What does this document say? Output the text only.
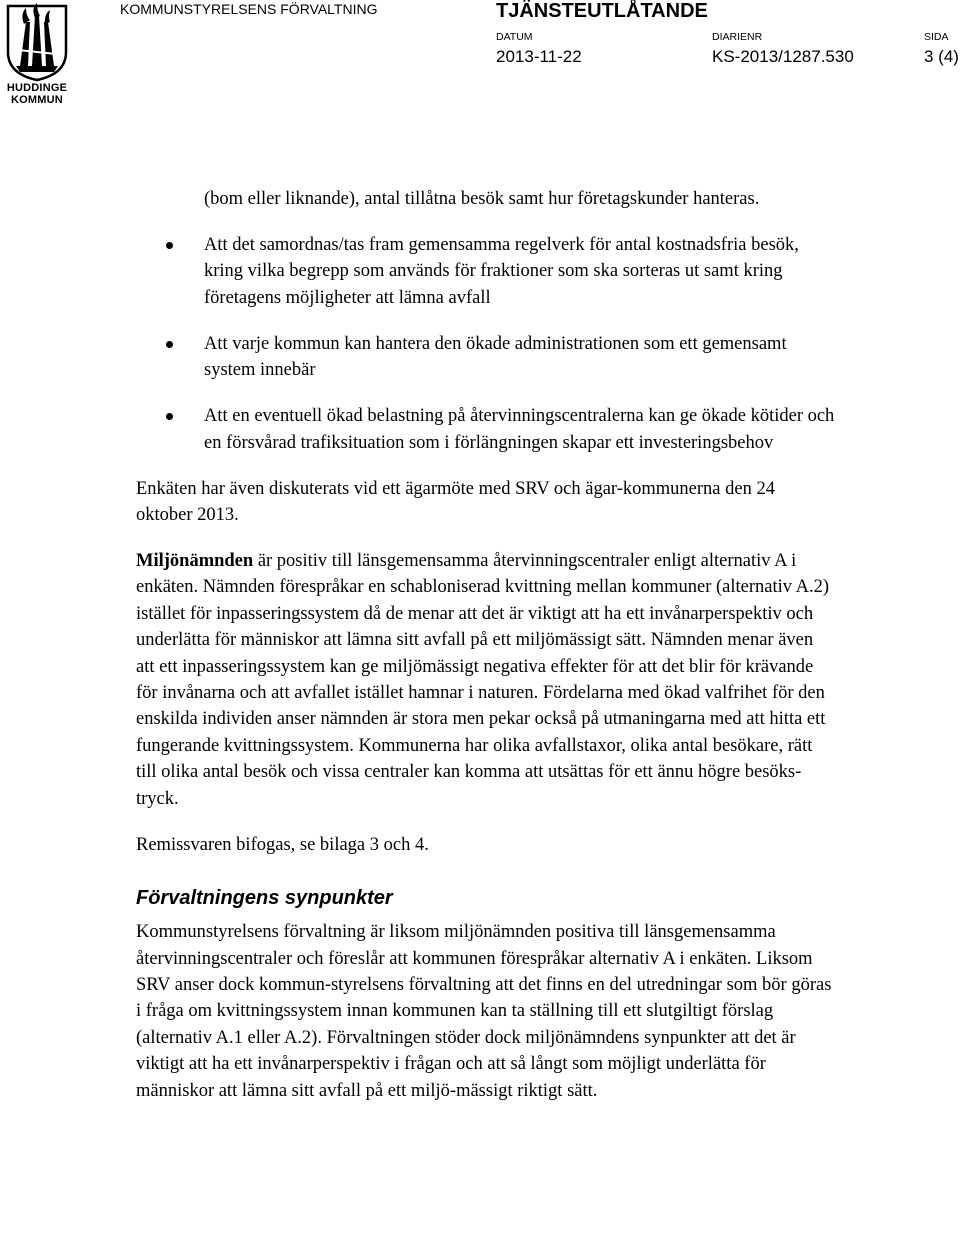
HUDDINGE
KOMMUN
KOMMUNSTYRELSENS FÖRVALTNING	TJÄNSTEUTLÅTANDE
DATUM
2013-11-22
DIARIENR
KS-2013/1287.530
SIDA
3 (4)

(bom eller liknande), antal tillåtna besök samt hur företagskunder hanteras.

Att det samordnas/tas fram gemensamma regelverk för antal kostnadsfria besök, kring vilka begrepp som används för fraktioner som ska sorteras ut samt kring företagens möjligheter att lämna avfall
Att varje kommun kan hantera den ökade administrationen som ett gemensamt system innebär
Att en eventuell ökad belastning på återvinningscentralerna kan ge ökade kötider och en försvårad trafiksituation som i förlängningen skapar ett investeringsbehov

Enkäten har även diskuterats vid ett ägarmöte med SRV och ägar-kommunerna den 24 oktober 2013.

Miljönämnden är positiv till länsgemensamma återvinningscentraler enligt alternativ A i enkäten. Nämnden förespråkar en schabloniserad kvittning mellan kommuner (alternativ A.2) istället för inpasseringssystem då de menar att det är viktigt att ha ett invånarperspektiv och underlätta för människor att lämna sitt avfall på ett miljömässigt sätt. Nämnden menar även att ett inpasseringssystem kan ge miljömässigt negativa effekter för att det blir för krävande för invånarna och att avfallet istället hamnar i naturen. Fördelarna med ökad valfrihet för den enskilda individen anser nämnden är stora men pekar också på utmaningarna med att hitta ett fungerande kvittningssystem. Kommunerna har olika avfallstaxor, olika antal besökare, rätt till olika antal besök och vissa centraler kan komma att utsättas för ett ännu högre besöks-tryck.

Remissvaren bifogas, se bilaga 3 och 4.

Förvaltningens synpunkter

Kommunstyrelsens förvaltning är liksom miljönämnden positiva till länsgemensamma återvinningscentraler och föreslår att kommunen förespråkar alternativ A i enkäten. Liksom SRV anser dock kommun-styrelsens förvaltning att det finns en del utredningar som bör göras i fråga om kvittningssystem innan kommunen kan ta ställning till ett slutgiltigt förslag (alternativ A.1 eller A.2). Förvaltningen stöder dock miljönämndens synpunkter att det är viktigt att ha ett invånarperspektiv i frågan och att så långt som möjligt underlätta för människor att lämna sitt avfall på ett miljö-mässigt riktigt sätt.
